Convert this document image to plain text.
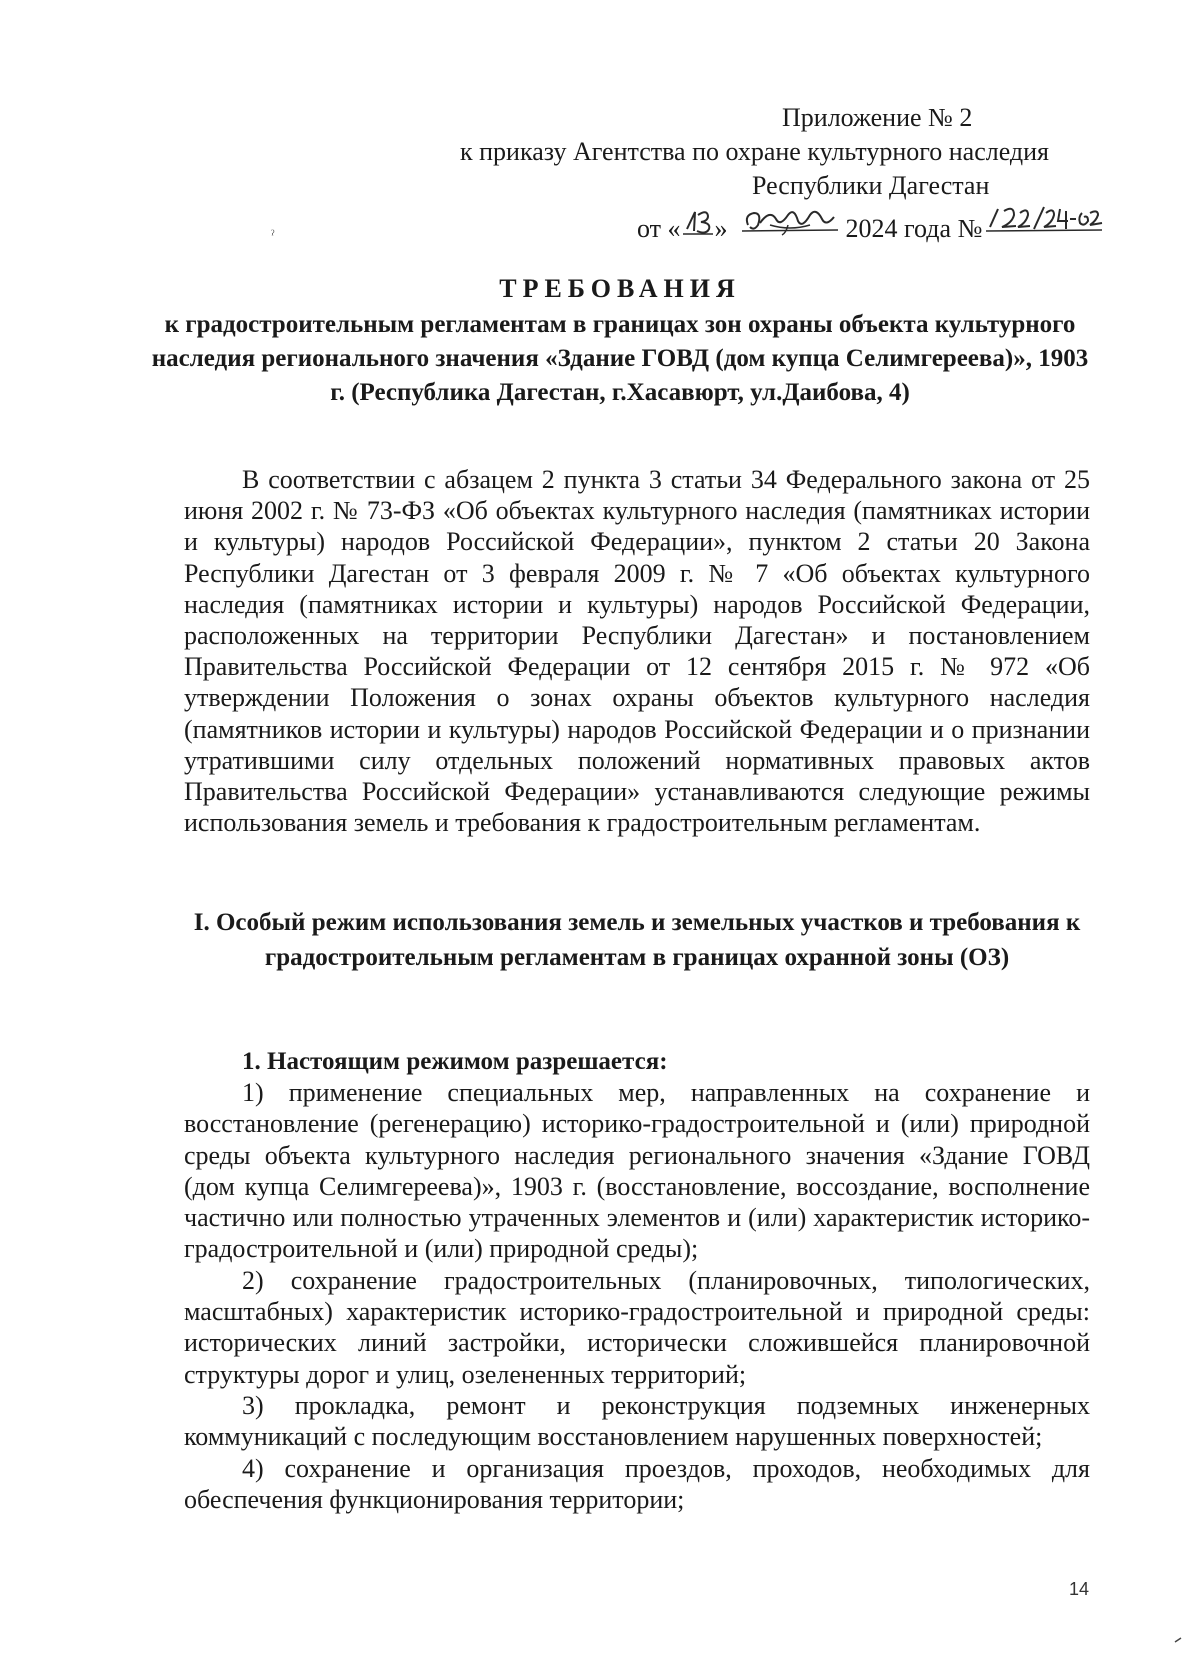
Приложение № 2
к приказу Агентства по охране культурного наследия
Республики Дагестан
от « »	2024 года №
ˀ
ТРЕБОВАНИЯ
к градостроительным регламентам в границах зон охраны объекта культурного наследия регионального значения «Здание ГОВД (дом купца Селимгереева)», 1903 г. (Республика Дагестан, г.Хасавюрт, ул.Даибова, 4)
В соответствии с абзацем 2 пункта 3 статьи 34 Федерального закона от 25 июня 2002 г. № 73-ФЗ «Об объектах культурного наследия (памятниках истории и культуры) народов Российской Федерации», пунктом 2 статьи 20 Закона Республики Дагестан от 3 февраля 2009 г. № 7 «Об объектах культурного наследия (памятниках истории и культуры) народов Российской Федерации, расположенных на территории Республики Дагестан» и постановлением Правительства Российской Федерации от 12 сентября 2015 г. № 972 «Об утверждении Положения о зонах охраны объектов культурного наследия (памятников истории и культуры) народов Российской Федерации и о признании утратившими силу отдельных положений нормативных правовых актов Правительства Российской Федерации» устанавливаются следующие режимы использования земель и требования к градостроительным регламентам.
I. Особый режим использования земель и земельных участков и требования к градостроительным регламентам в границах охранной зоны (ОЗ)
1. Настоящим режимом разрешается:

1) применение специальных мер, направленных на сохранение и восстановление (регенерацию) историко-градостроительной и (или) природной среды объекта культурного наследия регионального значения «Здание ГОВД (дом купца Селимгереева)», 1903 г. (восстановление, воссоздание, восполнение частично или полностью утраченных элементов и (или) характеристик историко-градостроительной и (или) природной среды);

2) сохранение градостроительных (планировочных, типологических, масштабных) характеристик историко-градостроительной и природной среды: исторических линий застройки, исторически сложившейся планировочной структуры дорог и улиц, озелененных территорий;

3) прокладка, ремонт и реконструкция подземных инженерных коммуникаций с последующим восстановлением нарушенных поверхностей;

4) сохранение и организация проездов, проходов, необходимых для обеспечения функционирования территории;

14
